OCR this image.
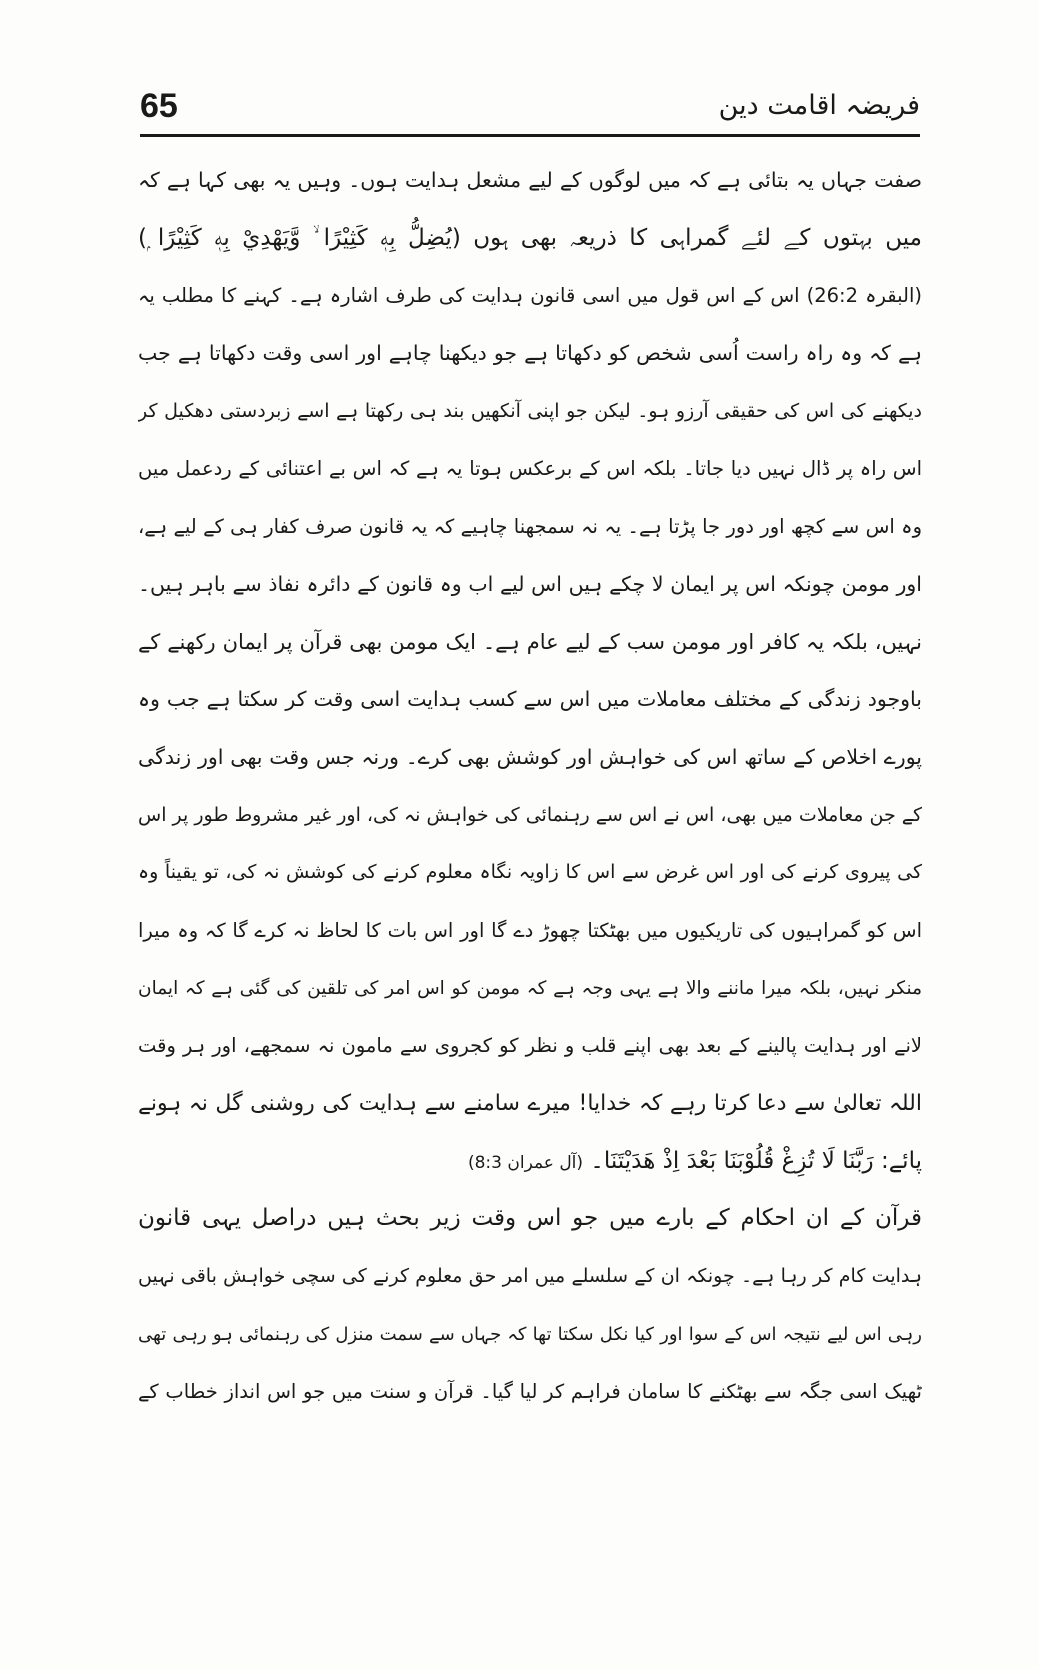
65	فریضہ اقامت دین
صفت جہاں یہ بتائی ہے کہ میں لوگوں کے لیے مشعل ہدایت ہوں۔ وہیں یہ بھی کہا ہے کہ
میں بہتوں کے لئے گمراہی کا ذریعہ بھی ہوں (يُضِلُّ بِهٖ كَثِيْرًا ۙ وَّيَهْدِيْ بِهٖ كَثِيْرًا ۭ)
(البقرہ 26:2) اس کے اس قول میں اسی قانون ہدایت کی طرف اشارہ ہے۔ کہنے کا مطلب یہ
ہے کہ وہ راہ راست اُسی شخص کو دکھاتا ہے جو دیکھنا چاہے اور اسی وقت دکھاتا ہے جب
دیکھنے کی اس کی حقیقی آرزو ہو۔ لیکن جو اپنی آنکھیں بند ہی رکھتا ہے اسے زبردستی دھکیل کر
اس راہ پر ڈال نہیں دیا جاتا۔ بلکہ اس کے برعکس ہوتا یہ ہے کہ اس بے اعتنائی کے ردعمل میں
وہ اس سے کچھ اور دور جا پڑتا ہے۔ یہ نہ سمجھنا چاہیے کہ یہ قانون صرف کفار ہی کے لیے ہے،
اور مومن چونکہ اس پر ایمان لا چکے ہیں اس لیے اب وہ قانون کے دائرہ نفاذ سے باہر ہیں۔
نہیں، بلکہ یہ کافر اور مومن سب کے لیے عام ہے۔ ایک مومن بھی قرآن پر ایمان رکھنے کے
باوجود زندگی کے مختلف معاملات میں اس سے کسب ہدایت اسی وقت کر سکتا ہے جب وہ
پورے اخلاص کے ساتھ اس کی خواہش اور کوشش بھی کرے۔ ورنہ جس وقت بھی اور زندگی
کے جن معاملات میں بھی، اس نے اس سے رہنمائی کی خواہش نہ کی، اور غیر مشروط طور پر اس
کی پیروی کرنے کی اور اس غرض سے اس کا زاویہ نگاہ معلوم کرنے کی کوشش نہ کی، تو یقیناً وہ
اس کو گمراہیوں کی تاریکیوں میں بھٹکتا چھوڑ دے گا اور اس بات کا لحاظ نہ کرے گا کہ وہ میرا
منکر نہیں، بلکہ میرا ماننے والا ہے یہی وجہ ہے کہ مومن کو اس امر کی تلقین کی گئی ہے کہ ایمان
لانے اور ہدایت پالینے کے بعد بھی اپنے قلب و نظر کو کجروی سے مامون نہ سمجھے، اور ہر وقت
اللہ تعالیٰ سے دعا کرتا رہے کہ خدایا! میرے سامنے سے ہدایت کی روشنی گل نہ ہونے
پائے: رَبَّنَا لَا تُزِغْ قُلُوْبَنَا بَعْدَ اِذْ هَدَيْتَنَا۔ (آل عمران 8:3)
قرآن کے ان احکام کے بارے میں جو اس وقت زیر بحث ہیں دراصل یہی قانون
ہدایت کام کر رہا ہے۔ چونکہ ان کے سلسلے میں امر حق معلوم کرنے کی سچی خواہش باقی نہیں
رہی اس لیے نتیجہ اس کے سوا اور کیا نکل سکتا تھا کہ جہاں سے سمت منزل کی رہنمائی ہو رہی تھی
ٹھیک اسی جگہ سے بھٹکنے کا سامان فراہم کر لیا گیا۔ قرآن و سنت میں جو اس انداز خطاب کے
